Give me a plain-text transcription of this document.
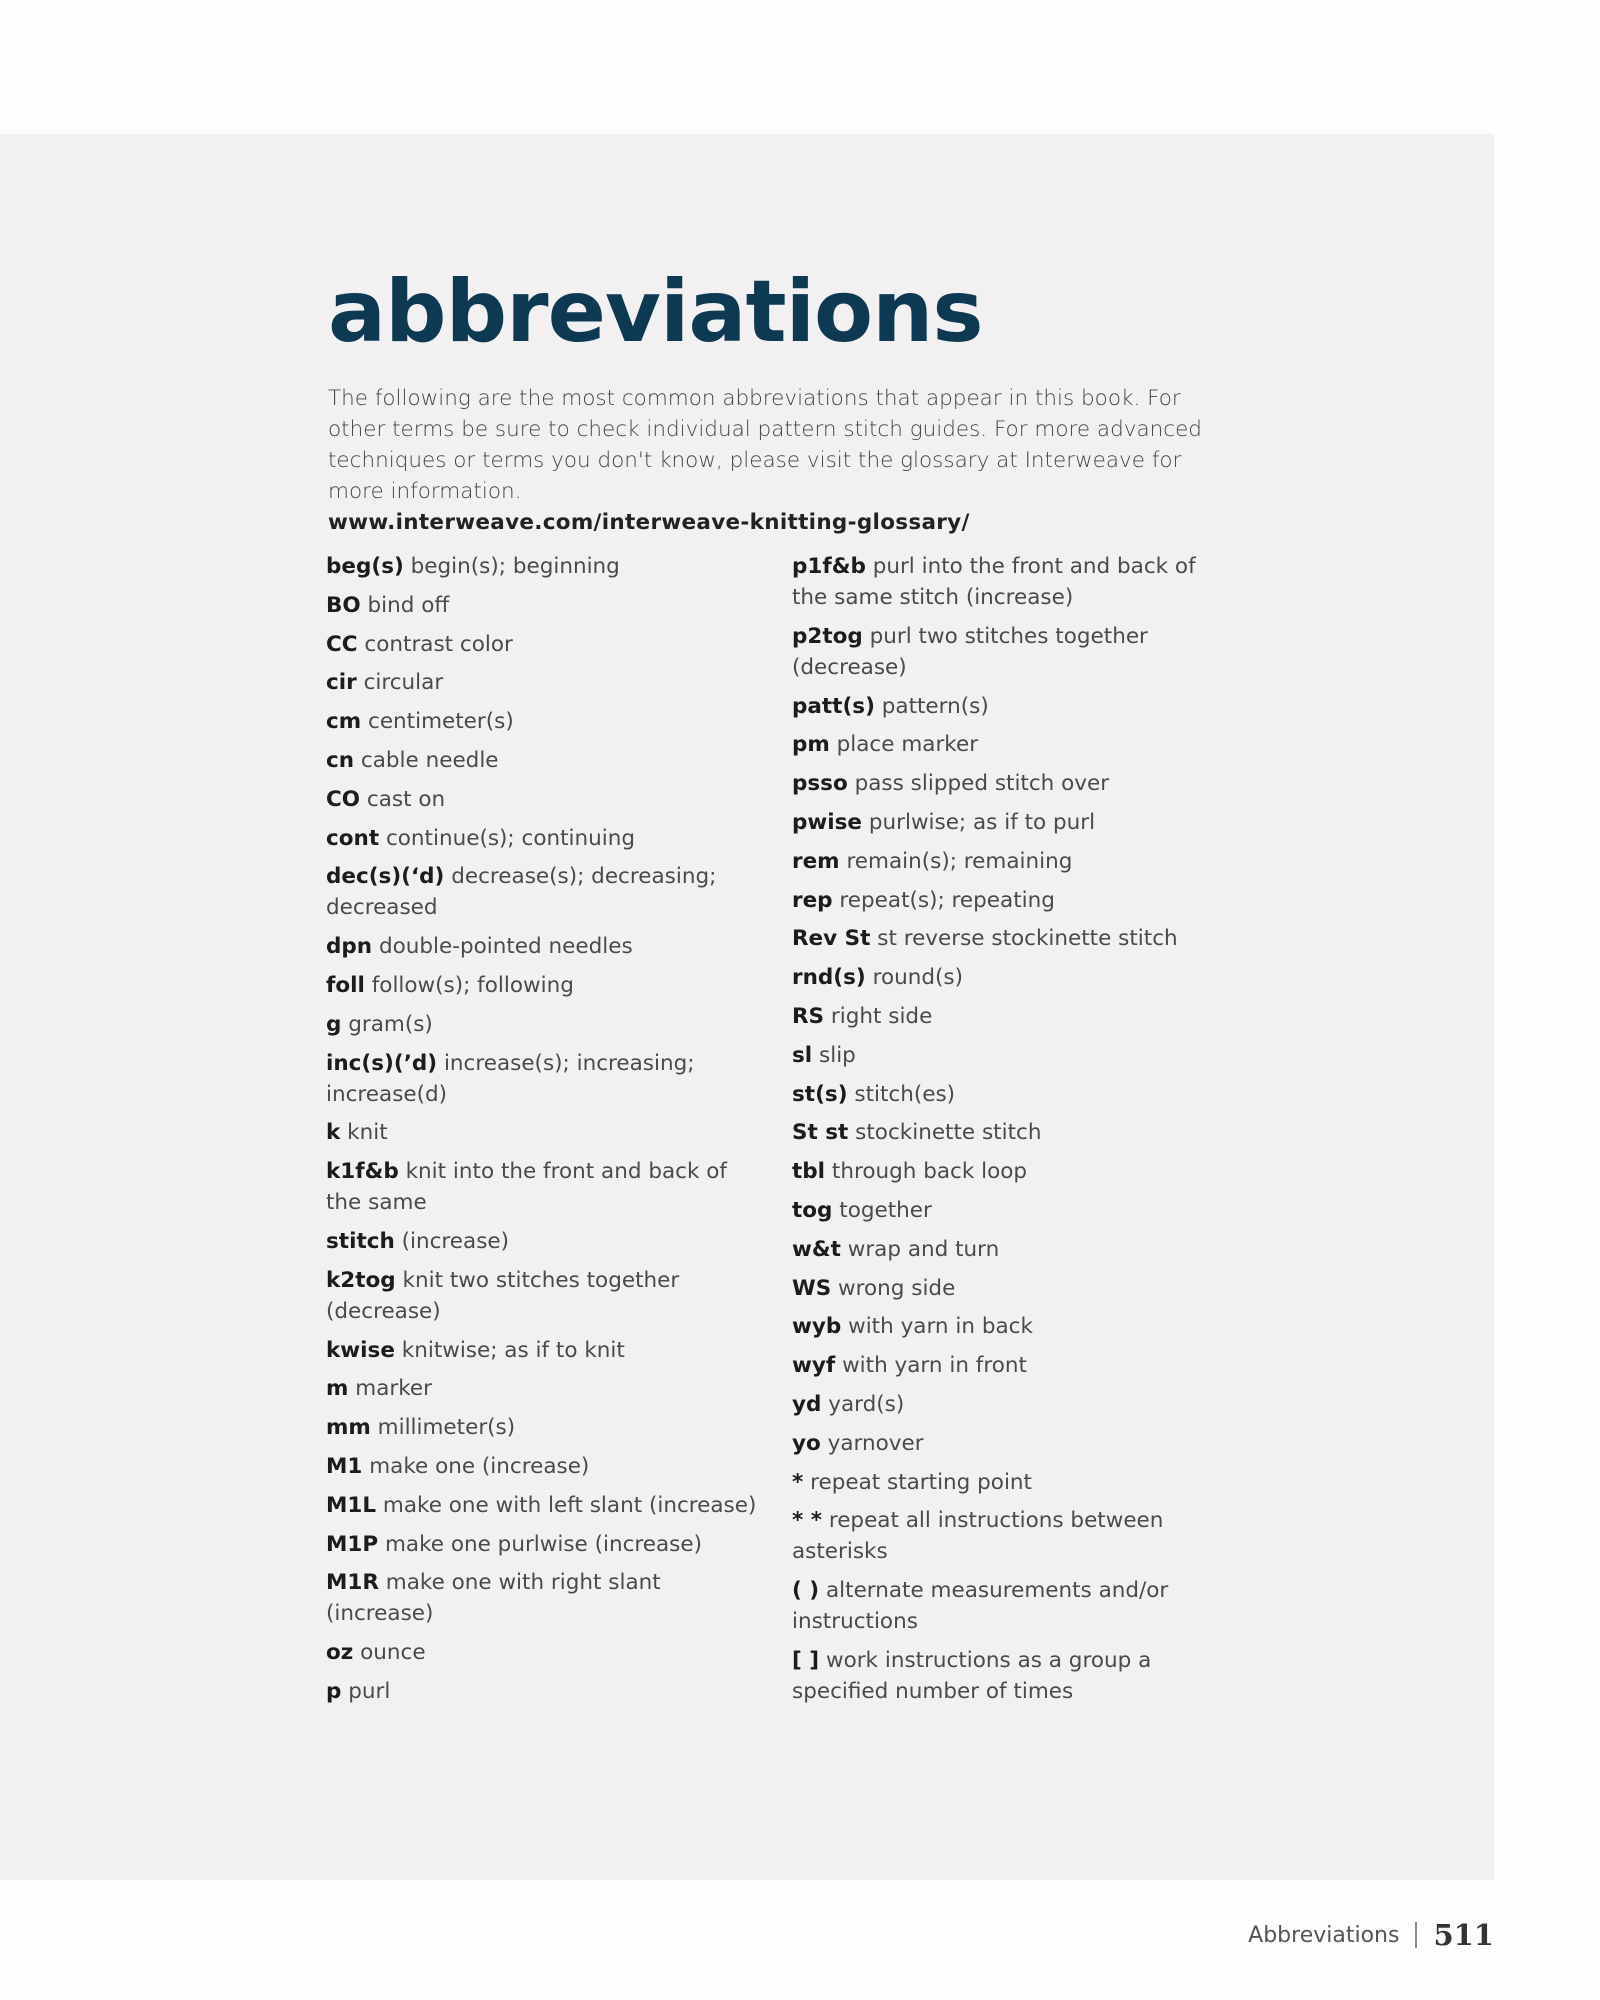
abbreviations
The following are the most common abbreviations that appear in this book. For other terms be sure to check individual pattern stitch guides. For more advanced techniques or terms you don't know, please visit the glossary at Interweave for more information.
www.interweave.com/interweave-knitting-glossary/
beg(s) begin(s); beginning
BO bind off
CC contrast color
cir circular
cm centimeter(s)
cn cable needle
CO cast on
cont continue(s); continuing
dec(s)(‘d) decrease(s); decreasing; decreased
dpn double-pointed needles
foll follow(s); following
g gram(s)
inc(s)(’d) increase(s); increasing; increase(d)
k knit
k1f&b knit into the front and back of the same
stitch (increase)
k2tog knit two stitches together (decrease)
kwise knitwise; as if to knit
m marker
mm millimeter(s)
M1 make one (increase)
M1L make one with left slant (increase)
M1P make one purlwise (increase)
M1R make one with right slant (increase)
oz ounce
p purl
p1f&b purl into the front and back of the same stitch (increase)
p2tog purl two stitches together (decrease)
patt(s) pattern(s)
pm place marker
psso pass slipped stitch over
pwise purlwise; as if to purl
rem remain(s); remaining
rep repeat(s); repeating
Rev St st reverse stockinette stitch
rnd(s) round(s)
RS right side
sl slip
st(s) stitch(es)
St st stockinette stitch
tbl through back loop
tog together
w&t wrap and turn
WS wrong side
wyb with yarn in back
wyf with yarn in front
yd yard(s)
yo yarnover
* repeat starting point
* * repeat all instructions between asterisks
( ) alternate measurements and/or instructions
[ ] work instructions as a group a specified number of times
Abbreviations 511
